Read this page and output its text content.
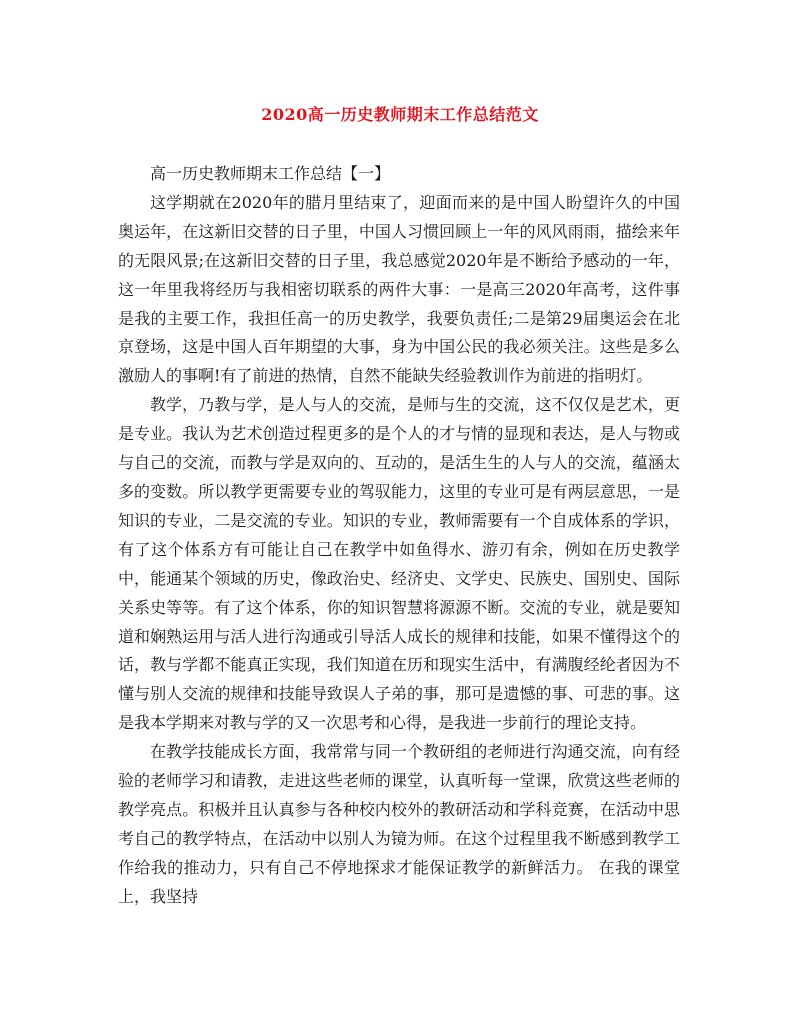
2020高一历史教师期末工作总结范文

高一历史教师期末工作总结【一】

这学期就在2020年的腊月里结束了，迎面而来的是中国人盼望许久的中国奥运年，在这新旧交替的日子里，中国人习惯回顾上一年的风风雨雨，描绘来年的无限风景;在这新旧交替的日子里，我总感觉2020年是不断给予感动的一年，这一年里我将经历与我相密切联系的两件大事：一是高三2020年高考，这件事是我的主要工作，我担任高一的历史教学，我要负责任;二是第29届奥运会在北京登场，这是中国人百年期望的大事，身为中国公民的我必须关注。这些是多么激励人的事啊!有了前进的热情，自然不能缺失经验教训作为前进的指明灯。

教学，乃教与学，是人与人的交流，是师与生的交流，这不仅仅是艺术，更是专业。我认为艺术创造过程更多的是个人的才与情的显现和表达，是人与物或与自己的交流，而教与学是双向的、互动的，是活生生的人与人的交流，蕴涵太多的变数。所以教学更需要专业的驾驭能力，这里的专业可是有两层意思，一是知识的专业，二是交流的专业。知识的专业，教师需要有一个自成体系的学识，有了这个体系方有可能让自己在教学中如鱼得水、游刃有余，例如在历史教学中，能通某个领域的历史，像政治史、经济史、文学史、民族史、国别史、国际关系史等等。有了这个体系，你的知识智慧将源源不断。交流的专业，就是要知道和娴熟运用与活人进行沟通或引导活人成长的规律和技能，如果不懂得这个的话，教与学都不能真正实现，我们知道在历和现实生活中，有满腹经纶者因为不懂与别人交流的规律和技能导致误人子弟的事，那可是遗憾的事、可悲的事。这是我本学期来对教与学的又一次思考和心得，是我进一步前行的理论支持。

在教学技能成长方面，我常常与同一个教研组的老师进行沟通交流，向有经验的老师学习和请教，走进这些老师的课堂，认真听每一堂课，欣赏这些老师的教学亮点。积极并且认真参与各种校内校外的教研活动和学科竞赛，在活动中思考自己的教学特点，在活动中以别人为镜为师。在这个过程里我不断感到教学工作给我的推动力，只有自己不停地探求才能保证教学的新鲜活力。 在我的课堂上，我坚持
